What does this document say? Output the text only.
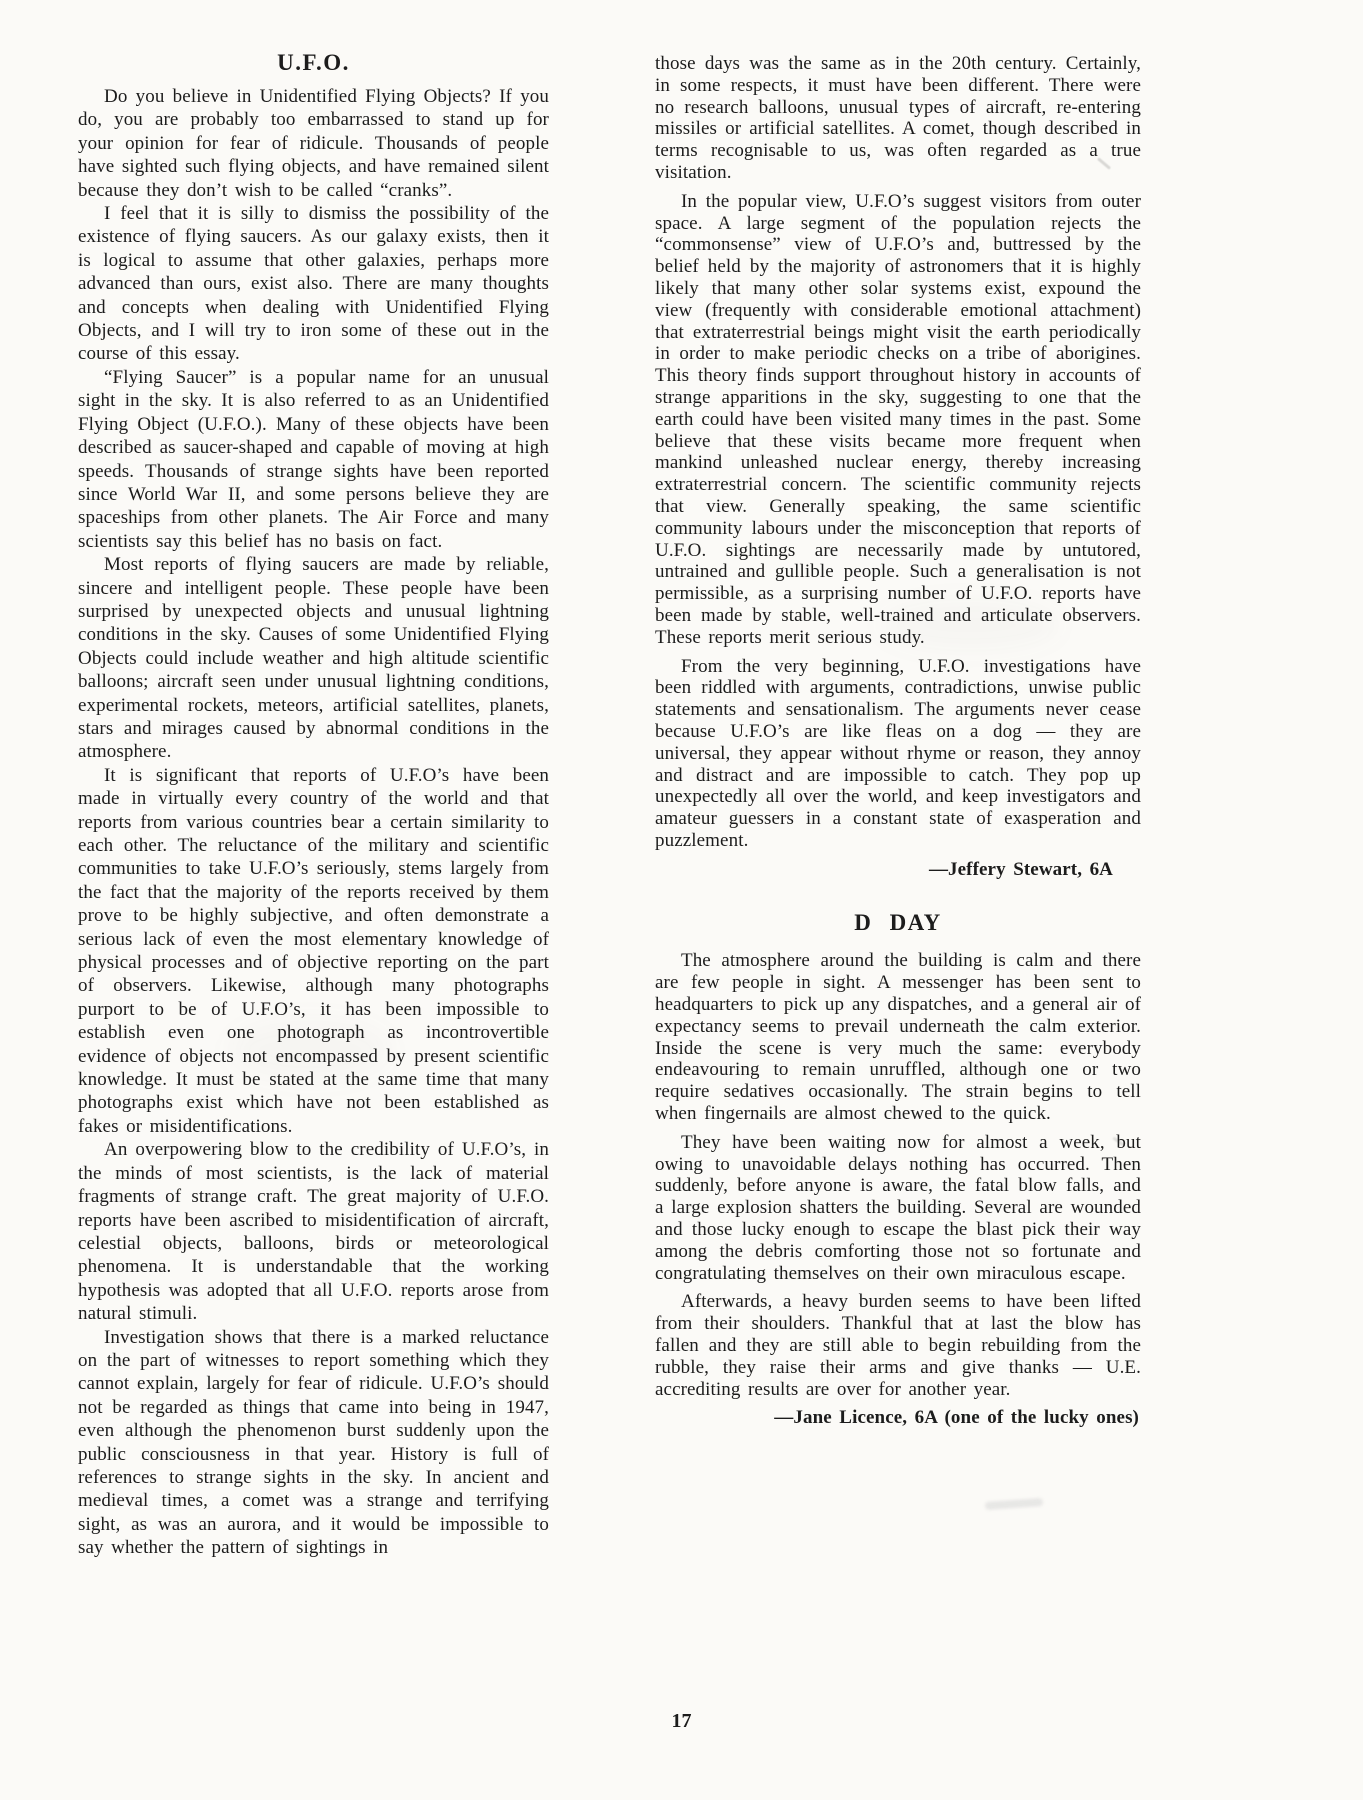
U.F.O.

Do you believe in Unidentified Flying Objects? If you do, you are probably too embarrassed to stand up for your opinion for fear of ridicule. Thousands of people have sighted such flying objects, and have remained silent because they don’t wish to be called “cranks”.

I feel that it is silly to dismiss the possibility of the existence of flying saucers. As our galaxy exists, then it is logical to assume that other galaxies, perhaps more advanced than ours, exist also. There are many thoughts and concepts when dealing with Unidentified Flying Objects, and I will try to iron some of these out in the course of this essay.

“Flying Saucer” is a popular name for an unusual sight in the sky. It is also referred to as an Unidentified Flying Object (U.F.O.). Many of these objects have been described as saucer-shaped and capable of moving at high speeds. Thousands of strange sights have been reported since World War II, and some persons believe they are spaceships from other planets. The Air Force and many scientists say this belief has no basis on fact.

Most reports of flying saucers are made by reliable, sincere and intelligent people. These people have been surprised by unexpected objects and unusual lightning conditions in the sky. Causes of some Unidentified Flying Objects could include weather and high altitude scientific balloons; aircraft seen under unusual lightning conditions, experimental rockets, meteors, artificial satellites, planets, stars and mirages caused by abnormal conditions in the atmosphere.

It is significant that reports of U.F.O’s have been made in virtually every country of the world and that reports from various countries bear a certain similarity to each other. The reluctance of the military and scientific communities to take U.F.O’s seriously, stems largely from the fact that the majority of the reports received by them prove to be highly subjective, and often demonstrate a serious lack of even the most elementary knowledge of physical processes and of objective reporting on the part of observers. Likewise, although many photographs purport to be of U.F.O’s, it has been impossible to establish even one photograph as incontrovertible evidence of objects not encompassed by present scientific knowledge. It must be stated at the same time that many photographs exist which have not been established as fakes or misidentifications.

An overpowering blow to the credibility of U.F.O’s, in the minds of most scientists, is the lack of material fragments of strange craft. The great majority of U.F.O. reports have been ascribed to misidentification of aircraft, celestial objects, balloons, birds or meteorological phenomena. It is understandable that the working hypothesis was adopted that all U.F.O. reports arose from natural stimuli.

Investigation shows that there is a marked reluctance on the part of witnesses to report something which they cannot explain, largely for fear of ridicule. U.F.O’s should not be regarded as things that came into being in 1947, even although the phenomenon burst suddenly upon the public consciousness in that year. History is full of references to strange sights in the sky. In ancient and medieval times, a comet was a strange and terrifying sight, as was an aurora, and it would be impossible to say whether the pattern of sightings in

those days was the same as in the 20th century. Certainly, in some respects, it must have been different. There were no research balloons, unusual types of aircraft, re-entering missiles or artificial satellites. A comet, though described in terms recognisable to us, was often regarded as a true visitation.

In the popular view, U.F.O’s suggest visitors from outer space. A large segment of the population rejects the “commonsense” view of U.F.O’s and, buttressed by the belief held by the majority of astronomers that it is highly likely that many other solar systems exist, expound the view (frequently with considerable emotional attachment) that extraterrestrial beings might visit the earth periodically in order to make periodic checks on a tribe of aborigines. This theory finds support throughout history in accounts of strange apparitions in the sky, suggesting to one that the earth could have been visited many times in the past. Some believe that these visits became more frequent when mankind unleashed nuclear energy, thereby increasing extraterrestrial concern. The scientific community rejects that view. Generally speaking, the same scientific community labours under the misconception that reports of U.F.O. sightings are necessarily made by untutored, untrained and gullible people. Such a generalisation is not permissible, as a surprising number of U.F.O. reports have been made by stable, well-trained and articulate observers. These reports merit serious study.

From the very beginning, U.F.O. investigations have been riddled with arguments, contradictions, unwise public statements and sensationalism. The arguments never cease because U.F.O’s are like fleas on a dog — they are universal, they appear without rhyme or reason, they annoy and distract and are impossible to catch. They pop up unexpectedly all over the world, and keep investigators and amateur guessers in a constant state of exasperation and puzzlement.

—Jeffery Stewart, 6A

D DAY

The atmosphere around the building is calm and there are few people in sight. A messenger has been sent to headquarters to pick up any dispatches, and a general air of expectancy seems to prevail underneath the calm exterior. Inside the scene is very much the same: everybody endeavouring to remain unruffled, although one or two require sedatives occasionally. The strain begins to tell when fingernails are almost chewed to the quick.

They have been waiting now for almost a week, but owing to unavoidable delays nothing has occurred. Then suddenly, before anyone is aware, the fatal blow falls, and a large explosion shatters the building. Several are wounded and those lucky enough to escape the blast pick their way among the debris comforting those not so fortunate and congratulating themselves on their own miraculous escape.

Afterwards, a heavy burden seems to have been lifted from their shoulders. Thankful that at last the blow has fallen and they are still able to begin rebuilding from the rubble, they raise their arms and give thanks — U.E. accrediting results are over for another year.

—Jane Licence, 6A (one of the lucky ones)

17
